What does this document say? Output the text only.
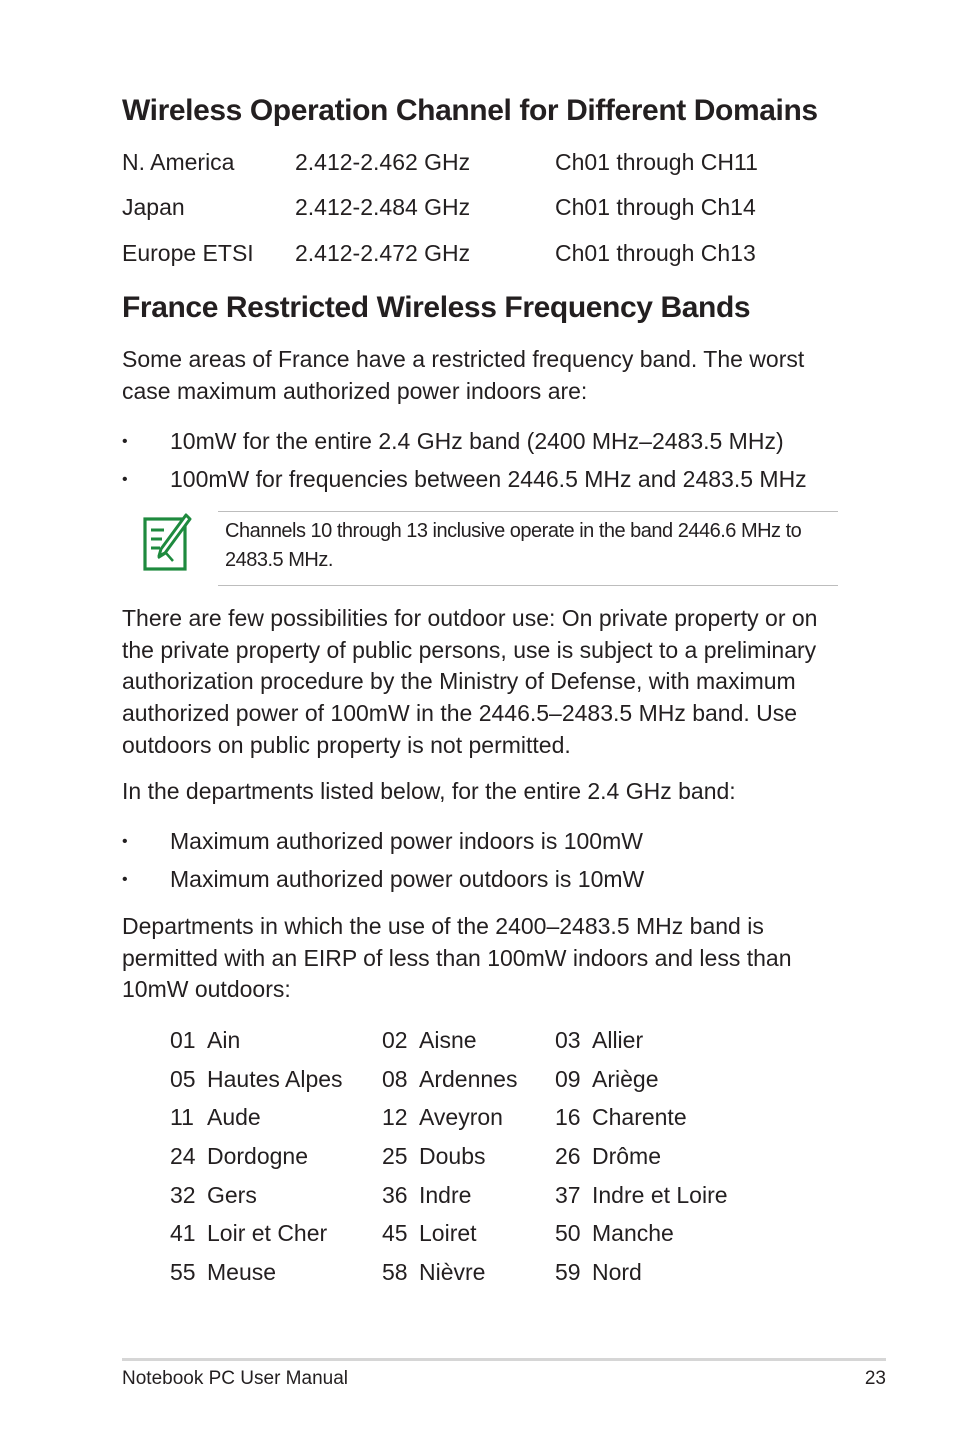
Wireless Operation Channel for Different Domains
N. America	2.412-2.462 GHz	Ch01 through CH11
Japan	2.412-2.484 GHz	Ch01 through Ch14
Europe ETSI 2.412-2.472 GHz	Ch01 through Ch13
France Restricted Wireless Frequency Bands

Some areas of France have a restricted frequency band. The worst case maximum authorized power indoors are:

• 10mW for the entire 2.4 GHz band (2400 MHz–2483.5 MHz)
• 100mW for frequencies between 2446.5 MHz and 2483.5 MHz

Channels 10 through 13 inclusive operate in the band 2446.6 MHz to 2483.5 MHz.

There are few possibilities for outdoor use: On private property or on the private property of public persons, use is subject to a preliminary authorization procedure by the Ministry of Defense, with maximum authorized power of 100mW in the 2446.5–2483.5 MHz band. Use outdoors on public property is not permitted.

In the departments listed below, for the entire 2.4 GHz band:

• Maximum authorized power indoors is 100mW
• Maximum authorized power outdoors is 10mW

Departments in which the use of the 2400–2483.5 MHz band is permitted with an EIRP of less than 100mW indoors and less than 10mW outdoors:

01 Ain	02 Aisne	03 Allier
05 Hautes Alpes 08 Ardennes 09 Ariège
11 Aude	12 Aveyron 16 Charente
24 Dordogne	25 Doubs	26 Drôme
32 Gers	36 Indre	37 Indre et Loire
41 Loir et Cher 45 Loiret	50 Manche
55 Meuse	58 Nièvre	59 Nord
Notebook PC User Manual	23
